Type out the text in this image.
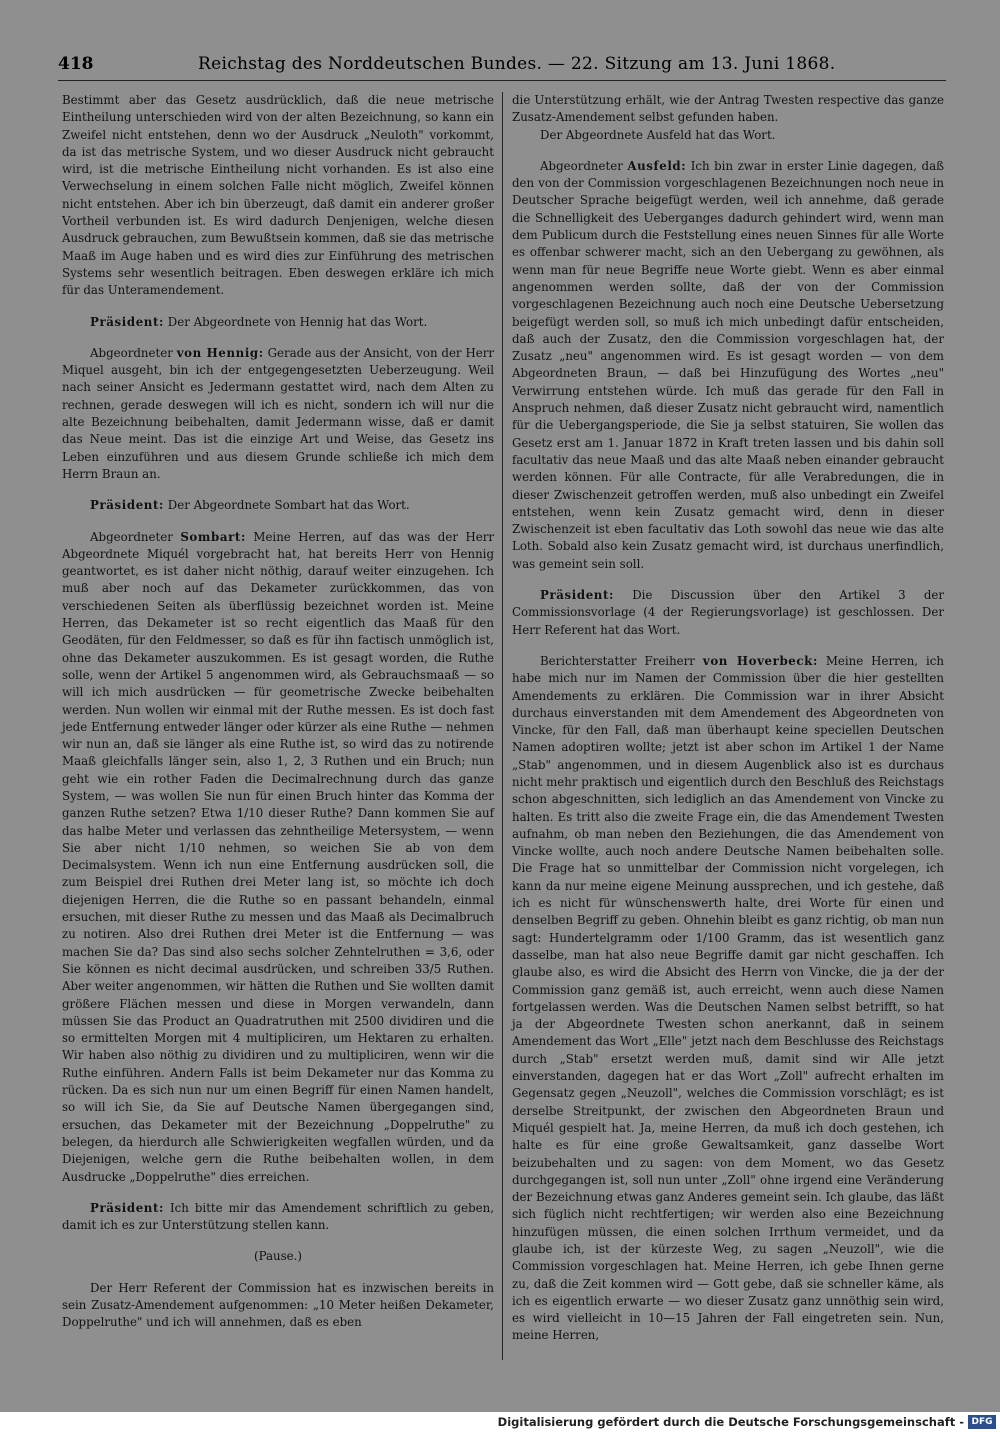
418	Reichstag des Norddeutschen Bundes. — 22. Sitzung am 13. Juni 1868.

Bestimmt aber das Gesetz ausdrücklich, daß die neue metrische Eintheilung unterschieden wird von der alten Bezeichnung, so kann ein Zweifel nicht entstehen, denn wo der Ausdruck „Neuloth" vorkommt, da ist das metrische System, und wo dieser Ausdruck nicht gebraucht wird, ist die metrische Eintheilung nicht vorhanden. Es ist also eine Verwechselung in einem solchen Falle nicht möglich, Zweifel können nicht entstehen. Aber ich bin überzeugt, daß damit ein anderer großer Vortheil verbunden ist. Es wird dadurch Denjenigen, welche diesen Ausdruck gebrauchen, zum Bewußtsein kommen, daß sie das metrische Maaß im Auge haben und es wird dies zur Einführung des metrischen Systems sehr wesentlich beitragen. Eben deswegen erkläre ich mich für das Unteramendement.

Präsident: Der Abgeordnete von Hennig hat das Wort.

Abgeordneter von Hennig: Gerade aus der Ansicht, von der Herr Miquel ausgeht, bin ich der entgegengesetzten Ueberzeugung. Weil nach seiner Ansicht es Jedermann gestattet wird, nach dem Alten zu rechnen, gerade deswegen will ich es nicht, sondern ich will nur die alte Bezeichnung beibehalten, damit Jedermann wisse, daß er damit das Neue meint. Das ist die einzige Art und Weise, das Gesetz ins Leben einzuführen und aus diesem Grunde schließe ich mich dem Herrn Braun an.

Präsident: Der Abgeordnete Sombart hat das Wort.

Abgeordneter Sombart: Meine Herren, auf das was der Herr Abgeordnete Miquél vorgebracht hat, hat bereits Herr von Hennig geantwortet, es ist daher nicht nöthig, darauf weiter einzugehen. Ich muß aber noch auf das Dekameter zurückkommen, das von verschiedenen Seiten als überflüssig bezeichnet worden ist. Meine Herren, das Dekameter ist so recht eigentlich das Maaß für den Geodäten, für den Feldmesser, so daß es für ihn factisch unmöglich ist, ohne das Dekameter auszukommen. Es ist gesagt worden, die Ruthe solle, wenn der Artikel 5 angenommen wird, als Gebrauchsmaaß — so will ich mich ausdrücken — für geometrische Zwecke beibehalten werden. Nun wollen wir einmal mit der Ruthe messen. Es ist doch fast jede Entfernung entweder länger oder kürzer als eine Ruthe — nehmen wir nun an, daß sie länger als eine Ruthe ist, so wird das zu notirende Maaß gleichfalls länger sein, also 1, 2, 3 Ruthen und ein Bruch; nun geht wie ein rother Faden die Decimalrechnung durch das ganze System, — was wollen Sie nun für einen Bruch hinter das Komma der ganzen Ruthe setzen? Etwa 1/10 dieser Ruthe? Dann kommen Sie auf das halbe Meter und verlassen das zehntheilige Metersystem, — wenn Sie aber nicht 1/10 nehmen, so weichen Sie ab von dem Decimalsystem. Wenn ich nun eine Entfernung ausdrücken soll, die zum Beispiel drei Ruthen drei Meter lang ist, so möchte ich doch diejenigen Herren, die die Ruthe so en passant behandeln, einmal ersuchen, mit dieser Ruthe zu messen und das Maaß als Decimalbruch zu notiren. Also drei Ruthen drei Meter ist die Entfernung — was machen Sie da? Das sind also sechs solcher Zehntelruthen = 3,6, oder Sie können es nicht decimal ausdrücken, und schreiben 33/5 Ruthen. Aber weiter angenommen, wir hätten die Ruthen und Sie wollten damit größere Flächen messen und diese in Morgen verwandeln, dann müssen Sie das Product an Quadratruthen mit 2500 dividiren und die so ermittelten Morgen mit 4 multipliciren, um Hektaren zu erhalten. Wir haben also nöthig zu dividiren und zu multipliciren, wenn wir die Ruthe einführen. Andern Falls ist beim Dekameter nur das Komma zu rücken. Da es sich nun nur um einen Begriff für einen Namen handelt, so will ich Sie, da Sie auf Deutsche Namen übergegangen sind, ersuchen, das Dekameter mit der Bezeichnung „Doppelruthe" zu belegen, da hierdurch alle Schwierigkeiten wegfallen würden, und da Diejenigen, welche gern die Ruthe beibehalten wollen, in dem Ausdrucke „Doppelruthe" dies erreichen.

Präsident: Ich bitte mir das Amendement schriftlich zu geben, damit ich es zur Unterstützung stellen kann.

(Pause.)

Der Herr Referent der Commission hat es inzwischen bereits in sein Zusatz-Amendement aufgenommen: „10 Meter heißen Dekameter, Doppelruthe" und ich will annehmen, daß es eben

die Unterstützung erhält, wie der Antrag Twesten respective das ganze Zusatz-Amendement selbst gefunden haben.

Der Abgeordnete Ausfeld hat das Wort.

Abgeordneter Ausfeld: Ich bin zwar in erster Linie dagegen, daß den von der Commission vorgeschlagenen Bezeichnungen noch neue in Deutscher Sprache beigefügt werden, weil ich annehme, daß gerade die Schnelligkeit des Ueberganges dadurch gehindert wird, wenn man dem Publicum durch die Feststellung eines neuen Sinnes für alle Worte es offenbar schwerer macht, sich an den Uebergang zu gewöhnen, als wenn man für neue Begriffe neue Worte giebt. Wenn es aber einmal angenommen werden sollte, daß der von der Commission vorgeschlagenen Bezeichnung auch noch eine Deutsche Uebersetzung beigefügt werden soll, so muß ich mich unbedingt dafür entscheiden, daß auch der Zusatz, den die Commission vorgeschlagen hat, der Zusatz „neu" angenommen wird. Es ist gesagt worden — von dem Abgeordneten Braun, — daß bei Hinzufügung des Wortes „neu" Verwirrung entstehen würde. Ich muß das gerade für den Fall in Anspruch nehmen, daß dieser Zusatz nicht gebraucht wird, namentlich für die Uebergangsperiode, die Sie ja selbst statuiren, Sie wollen das Gesetz erst am 1. Januar 1872 in Kraft treten lassen und bis dahin soll facultativ das neue Maaß und das alte Maaß neben einander gebraucht werden können. Für alle Contracte, für alle Verabredungen, die in dieser Zwischenzeit getroffen werden, muß also unbedingt ein Zweifel entstehen, wenn kein Zusatz gemacht wird, denn in dieser Zwischenzeit ist eben facultativ das Loth sowohl das neue wie das alte Loth. Sobald also kein Zusatz gemacht wird, ist durchaus unerfindlich, was gemeint sein soll.

Präsident: Die Discussion über den Artikel 3 der Commissionsvorlage (4 der Regierungsvorlage) ist geschlossen. Der Herr Referent hat das Wort.

Berichterstatter Freiherr von Hoverbeck: Meine Herren, ich habe mich nur im Namen der Commission über die hier gestellten Amendements zu erklären. Die Commission war in ihrer Absicht durchaus einverstanden mit dem Amendement des Abgeordneten von Vincke, für den Fall, daß man überhaupt keine speciellen Deutschen Namen adoptiren wollte; jetzt ist aber schon im Artikel 1 der Name „Stab" angenommen, und in diesem Augenblick also ist es durchaus nicht mehr praktisch und eigentlich durch den Beschluß des Reichstags schon abgeschnitten, sich lediglich an das Amendement von Vincke zu halten. Es tritt also die zweite Frage ein, die das Amendement Twesten aufnahm, ob man neben den Beziehungen, die das Amendement von Vincke wollte, auch noch andere Deutsche Namen beibehalten solle. Die Frage hat so unmittelbar der Commission nicht vorgelegen, ich kann da nur meine eigene Meinung aussprechen, und ich gestehe, daß ich es nicht für wünschenswerth halte, drei Worte für einen und denselben Begriff zu geben. Ohnehin bleibt es ganz richtig, ob man nun sagt: Hundertelgramm oder 1/100 Gramm, das ist wesentlich ganz dasselbe, man hat also neue Begriffe damit gar nicht geschaffen. Ich glaube also, es wird die Absicht des Herrn von Vincke, die ja der der Commission ganz gemäß ist, auch erreicht, wenn auch diese Namen fortgelassen werden. Was die Deutschen Namen selbst betrifft, so hat ja der Abgeordnete Twesten schon anerkannt, daß in seinem Amendement das Wort „Elle" jetzt nach dem Beschlusse des Reichstags durch „Stab" ersetzt werden muß, damit sind wir Alle jetzt einverstanden, dagegen hat er das Wort „Zoll" aufrecht erhalten im Gegensatz gegen „Neuzoll", welches die Commission vorschlägt; es ist derselbe Streitpunkt, der zwischen den Abgeordneten Braun und Miquél gespielt hat. Ja, meine Herren, da muß ich doch gestehen, ich halte es für eine große Gewaltsamkeit, ganz dasselbe Wort beizubehalten und zu sagen: von dem Moment, wo das Gesetz durchgegangen ist, soll nun unter „Zoll" ohne irgend eine Veränderung der Bezeichnung etwas ganz Anderes gemeint sein. Ich glaube, das läßt sich füglich nicht rechtfertigen; wir werden also eine Bezeichnung hinzufügen müssen, die einen solchen Irrthum vermeidet, und da glaube ich, ist der kürzeste Weg, zu sagen „Neuzoll", wie die Commission vorgeschlagen hat. Meine Herren, ich gebe Ihnen gerne zu, daß die Zeit kommen wird — Gott gebe, daß sie schneller käme, als ich es eigentlich erwarte — wo dieser Zusatz ganz unnöthig sein wird, es wird vielleicht in 10—15 Jahren der Fall eingetreten sein. Nun, meine Herren,

Digitalisierung gefördert durch die Deutsche Forschungsgemeinschaft - DFG
